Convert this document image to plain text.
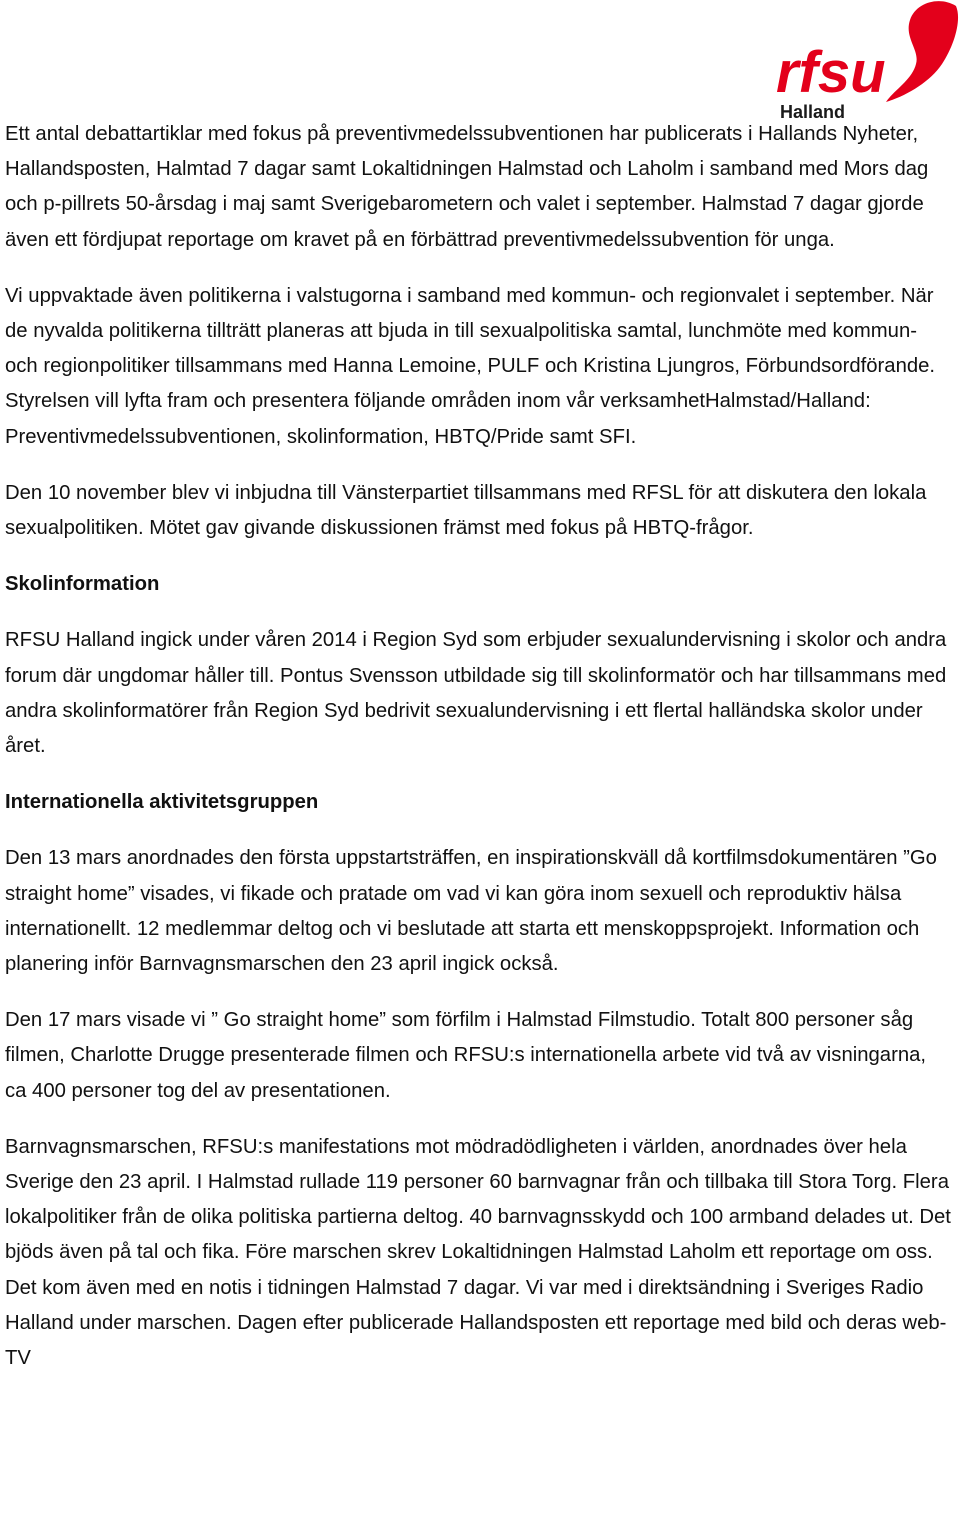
rfsu
Halland

Ett antal debattartiklar med fokus på preventivmedelssubventionen har publicerats i Hallands Nyheter, Hallandsposten, Halmtad 7 dagar samt Lokaltidningen Halmstad och Laholm i samband med Mors dag och p-pillrets 50-årsdag i maj samt Sverigebarometern och valet i september. Halmstad 7 dagar gjorde även ett fördjupat reportage om kravet på en förbättrad preventivmedelssubvention för unga.

Vi uppvaktade även politikerna i valstugorna i samband med kommun- och regionvalet i september. När de nyvalda politikerna tillträtt planeras att bjuda in till sexualpolitiska samtal, lunchmöte med kommun- och regionpolitiker tillsammans med Hanna Lemoine, PULF och Kristina Ljungros, Förbundsordförande. Styrelsen vill lyfta fram och presentera följande områden inom vår verksamhetHalmstad/Halland: Preventivmedelssubventionen, skolinformation, HBTQ/Pride samt SFI.

Den 10 november blev vi inbjudna till Vänsterpartiet tillsammans med RFSL för att diskutera den lokala sexualpolitiken. Mötet gav givande diskussionen främst med fokus på HBTQ-frågor.

Skolinformation

RFSU Halland ingick under våren 2014 i Region Syd som erbjuder sexualundervisning i skolor och andra forum där ungdomar håller till. Pontus Svensson utbildade sig till skolinformatör och har tillsammans med andra skolinformatörer från Region Syd bedrivit sexualundervisning i ett flertal halländska skolor under året.

Internationella aktivitetsgruppen

Den 13 mars anordnades den första uppstartsträffen, en inspirationskväll då kortfilmsdokumentären ”Go straight home” visades, vi fikade och pratade om vad vi kan göra inom sexuell och reproduktiv hälsa internationellt. 12 medlemmar deltog och vi beslutade att starta ett menskoppsprojekt. Information och planering inför Barnvagnsmarschen den 23 april ingick också.

Den 17 mars visade vi ” Go straight home” som förfilm i Halmstad Filmstudio. Totalt 800 personer såg filmen, Charlotte Drugge presenterade filmen och RFSU:s internationella arbete vid två av visningarna, ca 400 personer tog del av presentationen.

Barnvagnsmarschen, RFSU:s manifestations mot mödradödligheten i världen, anordnades över hela Sverige den 23 april. I Halmstad rullade 119 personer 60 barnvagnar från och tillbaka till Stora Torg. Flera lokalpolitiker från de olika politiska partierna deltog. 40 barnvagnsskydd och 100 armband delades ut. Det bjöds även på tal och fika. Före marschen skrev Lokaltidningen Halmstad Laholm ett reportage om oss. Det kom även med en notis i tidningen Halmstad 7 dagar. Vi var med i direktsändning i Sveriges Radio Halland under marschen. Dagen efter publicerade Hallandsposten ett reportage med bild och deras web-TV
